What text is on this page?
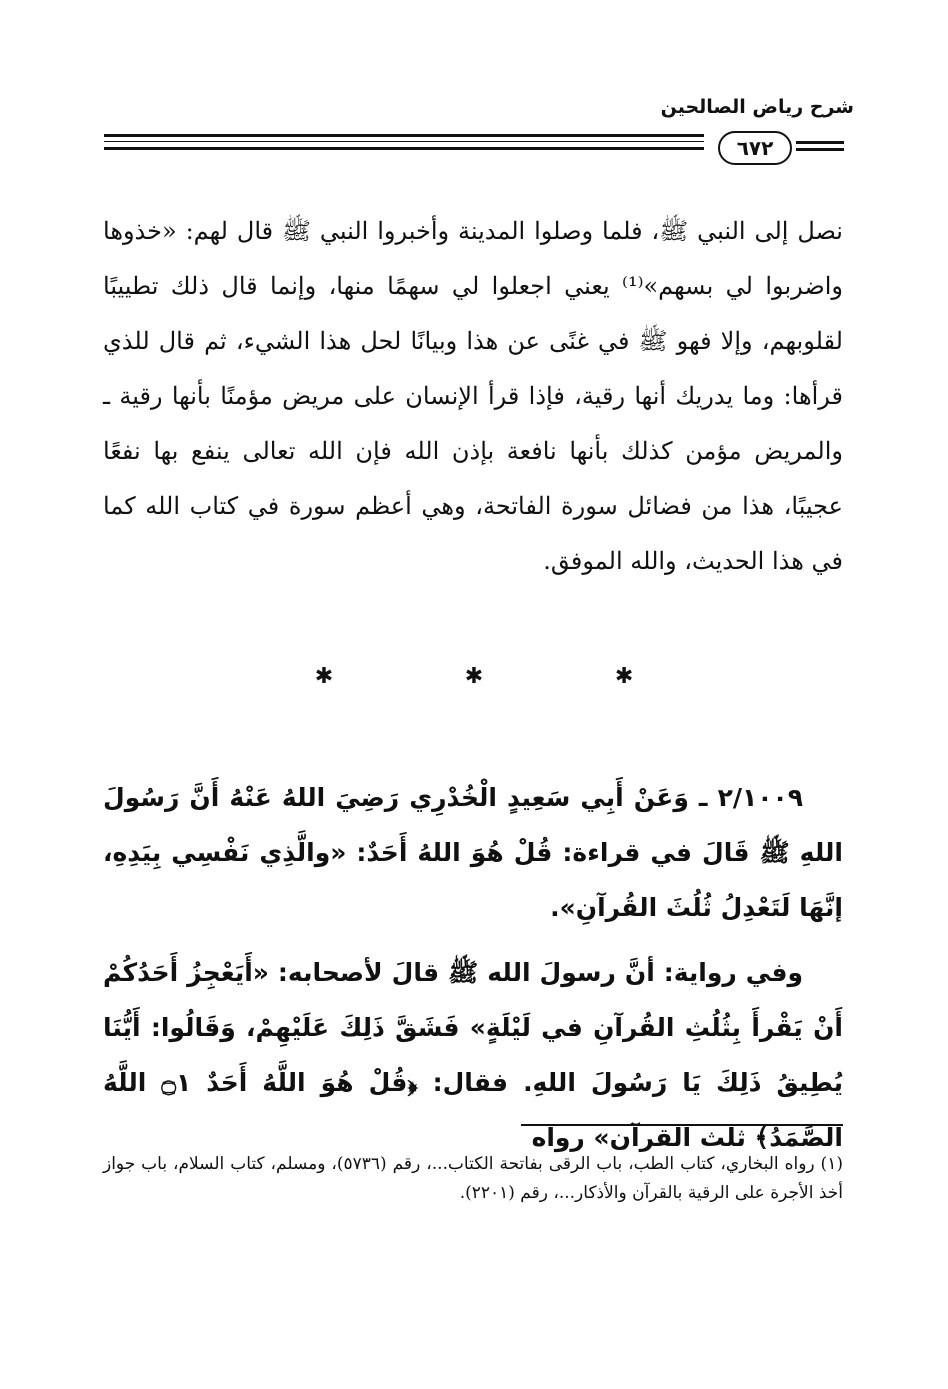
شرح رياض الصالحين
٦٧٢

نصل إلى النبي ﷺ، فلما وصلوا المدينة وأخبروا النبي ﷺ قال لهم: «خذوها واضربوا لي بسهم»⁽¹⁾ يعني اجعلوا لي سهمًا منها، وإنما قال ذلك تطييبًا لقلوبهم، وإلا فهو ﷺ في غنًى عن هذا وبيانًا لحل هذا الشيء، ثم قال للذي قرأها: وما يدريك أنها رقية، فإذا قرأ الإنسان على مريض مؤمنًا بأنها رقية ـ والمريض مؤمن كذلك بأنها نافعة بإذن الله فإن الله تعالى ينفع بها نفعًا عجيبًا، هذا من فضائل سورة الفاتحة، وهي أعظم سورة في كتاب الله كما في هذا الحديث، والله الموفق.

✱ ✱ ✱

٢/١٠٠٩ ـ وَعَنْ أَبِي سَعِيدٍ الْخُدْرِي رَضِيَ اللهُ عَنْهُ أَنَّ رَسُولَ اللهِ ﷺ قَالَ في قراءة: قُلْ هُوَ اللهُ أَحَدٌ: «والَّذِي نَفْسِي بِيَدِهِ، إنَّهَا لَتَعْدِلُ ثُلُثَ القُرآنِ».

وفي رواية: أنَّ رسولَ الله ﷺ قالَ لأصحابه: «أَيَعْجِزُ أَحَدُكُمْ أَنْ يَقْرأَ بِثُلُثِ القُرآنِ في لَيْلَةٍ» فَشَقَّ ذَلِكَ عَلَيْهِمْ، وَقَالُوا: أَيُّنَا يُطِيقُ ذَلِكَ يَا رَسُولَ اللهِ. فقال: ﴿قُلْ هُوَ اللَّهُ أَحَدٌ ۝١ اللَّهُ الصَّمَدُ﴾ ثلث القرآن» رواه

(١) رواه البخاري، كتاب الطب، باب الرقى بفاتحة الكتاب...، رقم (٥٧٣٦)، ومسلم، كتاب السلام، باب جواز أخذ الأجرة على الرقية بالقرآن والأذكار...، رقم (٢٢٠١).
